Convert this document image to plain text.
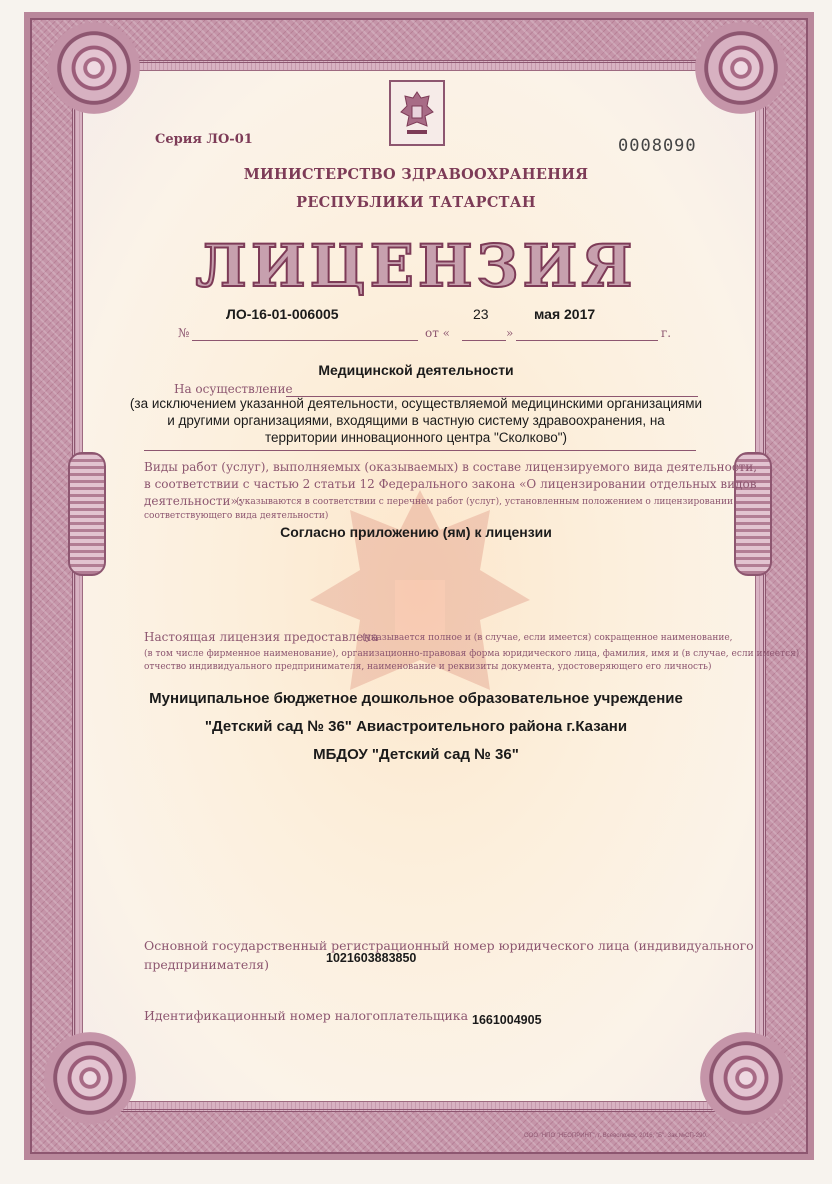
Серия ЛО-01	0008090

МИНИСТЕРСТВО ЗДРАВООХРАНЕНИЯ

РЕСПУБЛИКИ ТАТАРСТАН

ЛИЦЕНЗИЯ

№

ЛО-16-01-006005

от «

23

»

мая 2017

г.

Медицинской деятельности

На осуществление

(за исключением указанной деятельности, осуществляемой медицинскими организациями

и другими организациями, входящими в частную систему здравоохранения, на

территории инновационного центра "Сколково")

Виды работ (услуг), выполняемых (оказываемых) в составе лицензируемого вида деятельности,

в соответствии с частью 2 статьи 12 Федерального закона «О лицензировании отдельных видов

деятельности»:

(указываются в соответствии с перечнем работ (услуг), установленным положением о лицензировании

соответствующего вида деятельности)

Согласно приложению (ям) к лицензии

Настоящая лицензия предоставлена

(указывается полное и (в случае, если имеется) сокращенное наименование,

(в том числе фирменное наименование), организационно-правовая форма юридического лица, фамилия, имя и (в случае, если имеется)

отчество индивидуального предпринимателя, наименование и реквизиты документа, удостоверяющего его личность)

Муниципальное бюджетное дошкольное образовательное учреждение

"Детский сад № 36" Авиастроительного района г.Казани

МБДОУ "Детский сад № 36"

Основной государственный регистрационный номер юридического лица (индивидуального

предпринимателя)	1021603883850

Идентификационный номер налогоплательщика 1661004905

ООО "НПО "НЕОПРИНТ", г. Всеволожск, 2016, "Б". Зак.№СП-290.
